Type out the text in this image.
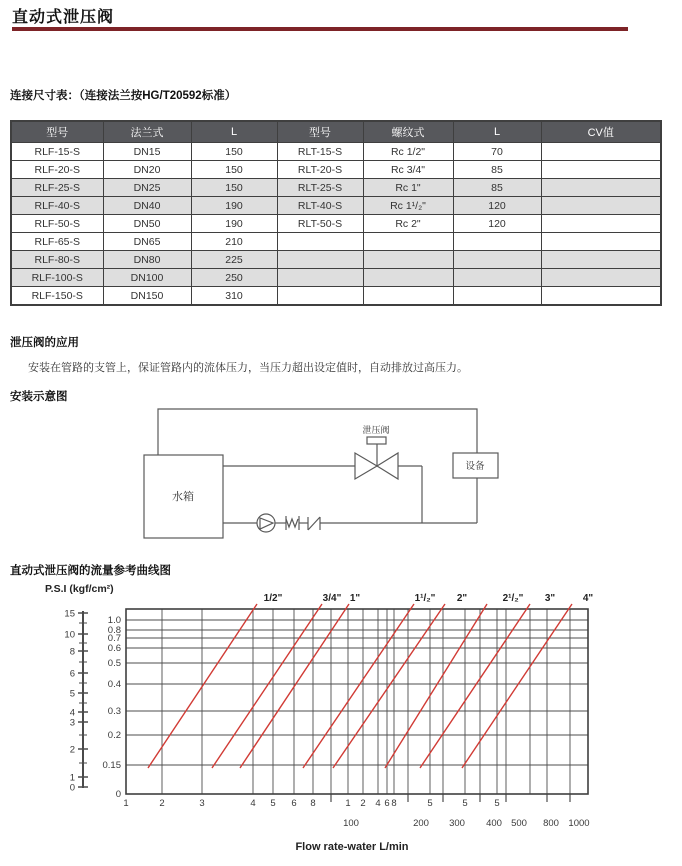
直动式泄压阀
连接尺寸表：（连接法兰按HG/T20592标准）
型号	法兰式	L	型号	螺纹式	L	CV值
RLF-15-S	DN15	150	RLT-15-S	Rc 1/2"	70	
RLF-20-S	DN20	150	RLT-20-S	Rc 3/4"	85	
RLF-25-S	DN25	150	RLT-25-S	Rc 1"	85	
RLF-40-S	DN40	190	RLT-40-S	Rc 1¹/₂"	120	
RLF-50-S	DN50	190	RLT-50-S	Rc 2"	120	
RLF-65-S	DN65	210				
RLF-80-S	DN80	225				
RLF-100-S	DN100	250				
RLF-150-S	DN150	310				
泄压阀的应用
安装在管路的支管上，保证管路内的流体压力，当压力超出设定值时，自动排放过高压力。
安装示意图
水箱
泄压阀
设备
直动式泄压阀的流量参考曲线图
P.S.I (kgf/cm²)
1	2	3	4 5 6 8	1 2 4 6 8	5	5	5
100	200 300 400 500 800 1000
1.0
0.8
0.7
0.6
0.5
0.4
0.3
0.2
0.15
0
15
10
8
6
5
4
3
2
1
0
1/2"	3/4" 1"	1¹/₂" 2"	2¹/₂" 3"	4"
Flow rate-water L/min
